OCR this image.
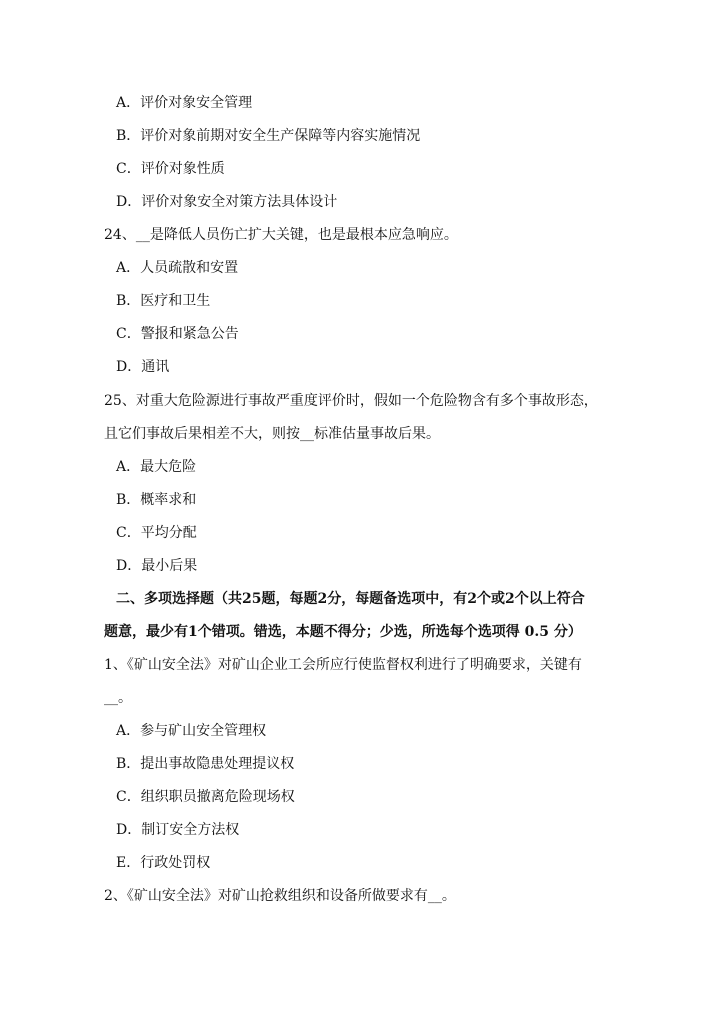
A．评价对象安全管理
B．评价对象前期对安全生产保障等内容实施情况
C．评价对象性质
D．评价对象安全对策方法具体设计
24、__是降低人员伤亡扩大关键，也是最根本应急响应。
A．人员疏散和安置
B．医疗和卫生
C．警报和紧急公告
D．通讯
25、对重大危险源进行事故严重度评价时，假如一个危险物含有多个事故形态，
且它们事故后果相差不大，则按__标准估量事故后果。
A．最大危险
B．概率求和
C．平均分配
D．最小后果
二、多项选择题（共25题，每题2分，每题备选项中，有2个或2个以上符合
题意，最少有1个错项。错选，本题不得分；少选，所选每个选项得 0.5 分）
1、《矿山安全法》对矿山企业工会所应行使监督权利进行了明确要求，关键有
__。
A．参与矿山安全管理权
B．提出事故隐患处理提议权
C．组织职员撤离危险现场权
D．制订安全方法权
E．行政处罚权
2、《矿山安全法》对矿山抢救组织和设备所做要求有__。
